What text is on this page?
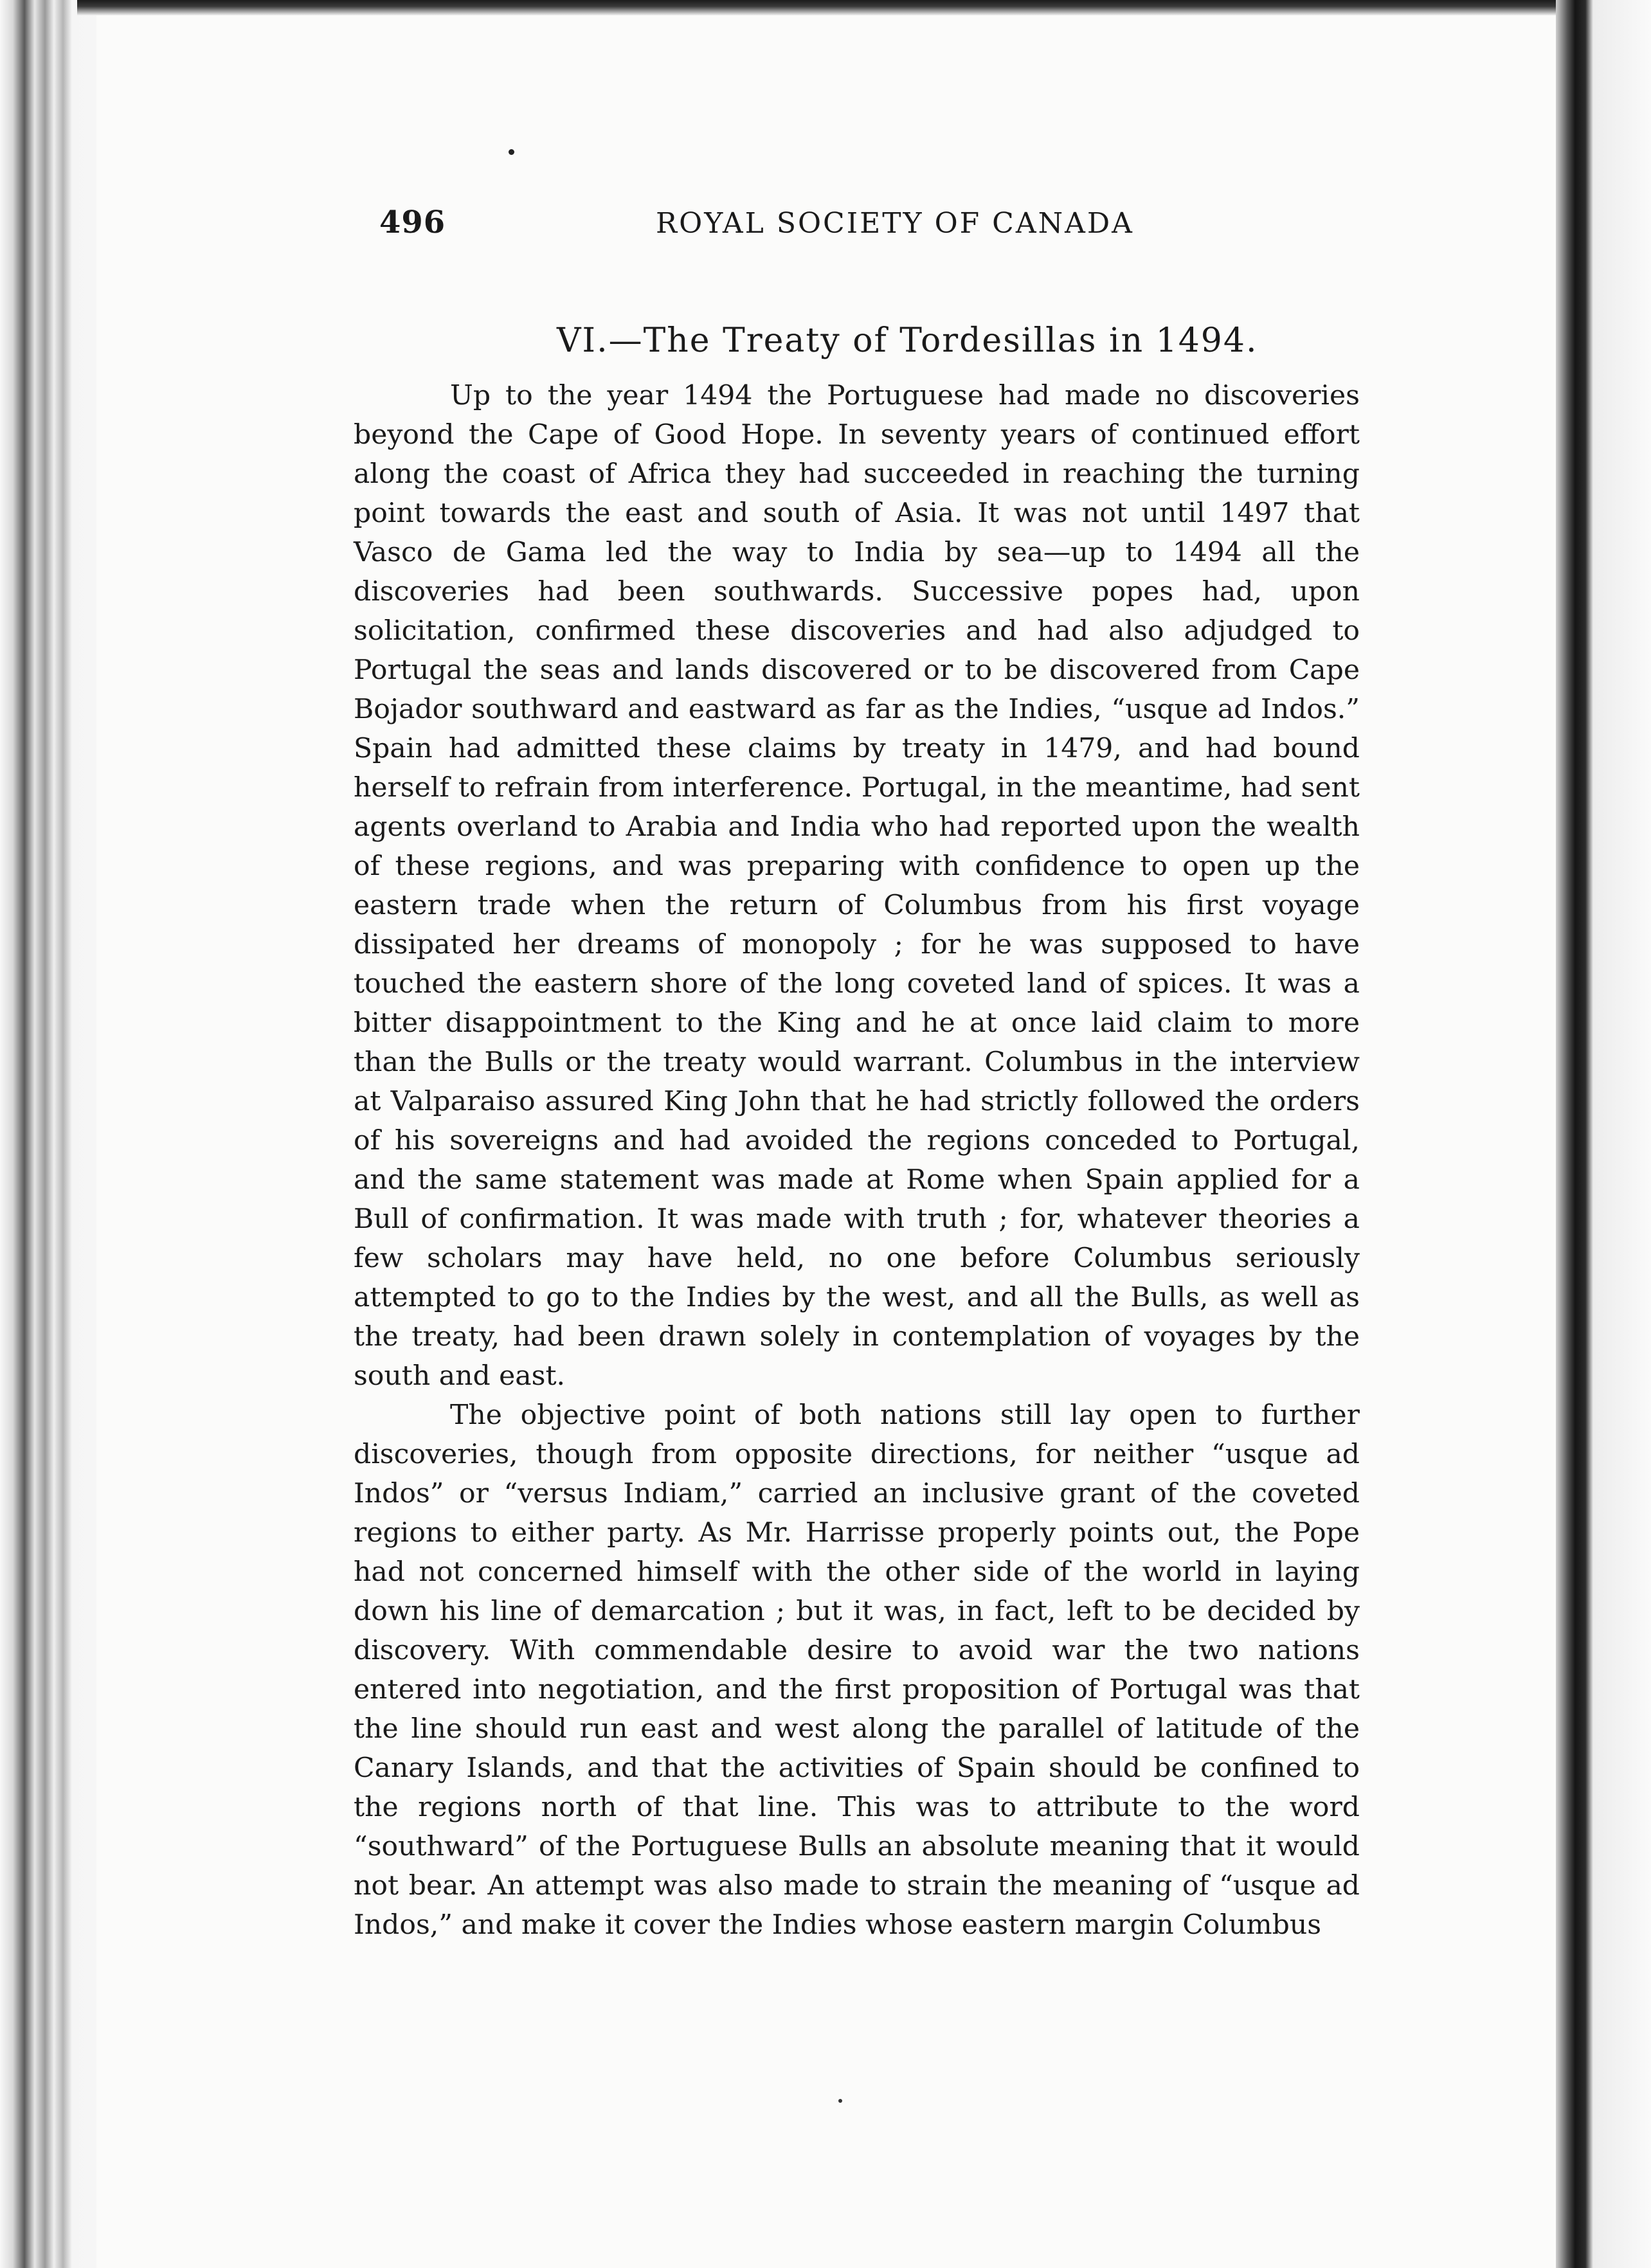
496	ROYAL SOCIETY OF CANADA
VI.—The Treaty of Tordesillas in 1494.

Up to the year 1494 the Portuguese had made no discoveries beyond the Cape of Good Hope. In seventy years of continued effort along the coast of Africa they had succeeded in reaching the turning point towards the east and south of Asia. It was not until 1497 that Vasco de Gama led the way to India by sea—up to 1494 all the discoveries had been southwards. Successive popes had, upon solicitation, confirmed these discoveries and had also adjudged to Portugal the seas and lands discovered or to be discovered from Cape Bojador southward and eastward as far as the Indies, “usque ad Indos.” Spain had admitted these claims by treaty in 1479, and had bound herself to refrain from interference. Portugal, in the meantime, had sent agents overland to Arabia and India who had reported upon the wealth of these regions, and was preparing with confidence to open up the eastern trade when the return of Columbus from his first voyage dissipated her dreams of monopoly ; for he was supposed to have touched the eastern shore of the long coveted land of spices. It was a bitter disappointment to the King and he at once laid claim to more than the Bulls or the treaty would warrant. Columbus in the interview at Valparaiso assured King John that he had strictly followed the orders of his sovereigns and had avoided the regions conceded to Portugal, and the same statement was made at Rome when Spain applied for a Bull of confirmation. It was made with truth ; for, whatever theories a few scholars may have held, no one before Columbus seriously attempted to go to the Indies by the west, and all the Bulls, as well as the treaty, had been drawn solely in contemplation of voyages by the south and east.

The objective point of both nations still lay open to further discoveries, though from opposite directions, for neither “usque ad Indos” or “versus Indiam,” carried an inclusive grant of the coveted regions to either party. As Mr. Harrisse properly points out, the Pope had not concerned himself with the other side of the world in laying down his line of demarcation ; but it was, in fact, left to be decided by discovery. With commendable desire to avoid war the two nations entered into negotiation, and the first proposition of Portugal was that the line should run east and west along the parallel of latitude of the Canary Islands, and that the activities of Spain should be confined to the regions north of that line. This was to attribute to the word “southward” of the Portuguese Bulls an absolute meaning that it would not bear. An attempt was also made to strain the meaning of “usque ad Indos,” and make it cover the Indies whose eastern margin Columbus
